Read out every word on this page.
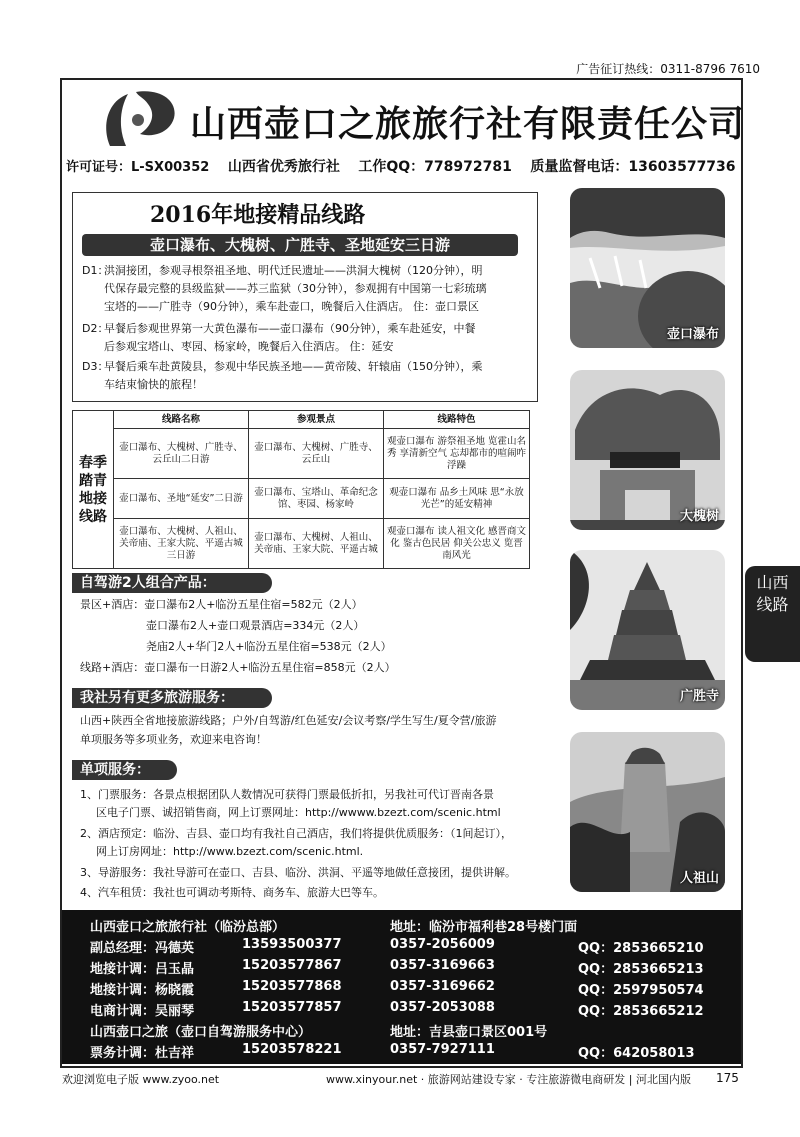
广告征订热线：0311-8796 7610
山西壶口之旅旅行社有限责任公司
许可证号：L-SX00352 山西省优秀旅行社 工作QQ：778972781 质量监督电话：13603577736
2016年地接精品线路
壶口瀑布、大槐树、广胜寺、圣地延安三日游
D1：洪洞接团，参观寻根祭祖圣地、明代迁民遗址——洪洞大槐树（120分钟），明
代保存最完整的县级监狱——苏三监狱（30分钟），参观拥有中国第一七彩琉璃
宝塔的——广胜寺（90分钟），乘车赴壶口，晚餐后入住酒店。 住：壶口景区
D2：早餐后参观世界第一大黄色瀑布——壶口瀑布（90分钟），乘车赴延安，中餐
后参观宝塔山、枣园、杨家岭，晚餐后入住酒店。 住：延安
D3：早餐后乘车赴黄陵县，参观中华民族圣地——黄帝陵、轩辕庙（150分钟），乘
车结束愉快的旅程！
春季踏青地接线路	线路名称	参观景点	线路特色
	壶口瀑布、大槐树、广胜寺、云丘山二日游	壶口瀑布、大槐树、广胜寺、云丘山	观壶口瀑布 游祭祖圣地 览霍山名秀 享清新空气 忘却都市的喧闹咋浮躁
	壶口瀑布、圣地“延安”二日游	壶口瀑布、宝塔山、革命纪念馆、枣园、杨家岭	观壶口瀑布 品乡土风味 思“永放光芒”的延安精神
	壶口瀑布、大槐树、人祖山、关帝庙、王家大院、平遥古城三日游	壶口瀑布、大槐树、人祖山、关帝庙、王家大院、平遥古城	观壶口瀑布 读人祖文化 感晋商文化 鉴古色民居 仰关公忠义 览晋南风光
自驾游2人组合产品：
景区+酒店：壶口瀑布2人+临汾五星住宿=582元（2人）
壶口瀑布2人+壶口观景酒店=334元（2人）
尧庙2人+华门2人+临汾五星住宿=538元（2人）
线路+酒店：壶口瀑布一日游2人+临汾五星住宿=858元（2人）
我社另有更多旅游服务：
山西+陕西全省地接旅游线路；户外/自驾游/红色延安/会议考察/学生写生/夏令营/旅游
单项服务等多项业务，欢迎来电咨询！
单项服务：
1、门票服务：各景点根据团队人数情况可获得门票最低折扣，另我社可代订晋南各景
区电子门票、诚招销售商，网上订票网址：http://wwww.bzezt.com/scenic.html
2、酒店预定：临汾、吉县、壶口均有我社自己酒店，我们将提供优质服务：（1间起订），
网上订房网址：http://www.bzezt.com/scenic.html.
3、导游服务：我社导游可在壶口、吉县、临汾、洪洞、平遥等地做任意接团，提供讲解。
4、汽车租赁：我社也可调动考斯特、商务车、旅游大巴等车。
壶口瀑布
大槐树
广胜寺
人祖山
山西线路
山西壶口之旅旅行社（临汾总部）	地址：临汾市福利巷28号楼门面
副总经理：冯德英	13593500377	0357-2056009	QQ：2853665210
地接计调：吕玉晶	15203577867	0357-3169663	QQ：2853665213
地接计调：杨晓霞	15203577868	0357-3169662	QQ：2597950574
电商计调：吴丽琴	15203577857	0357-2053088	QQ：2853665212
山西壶口之旅（壶口自驾游服务中心）	地址：吉县壶口景区001号
票务计调：杜吉祥	15203578221	0357-7927111	QQ：642058013
欢迎浏览电子版 www.zyoo.net	www.xinyour.net · 旅游网站建设专家 · 专注旅游微电商研发 | 河北国内版 175
